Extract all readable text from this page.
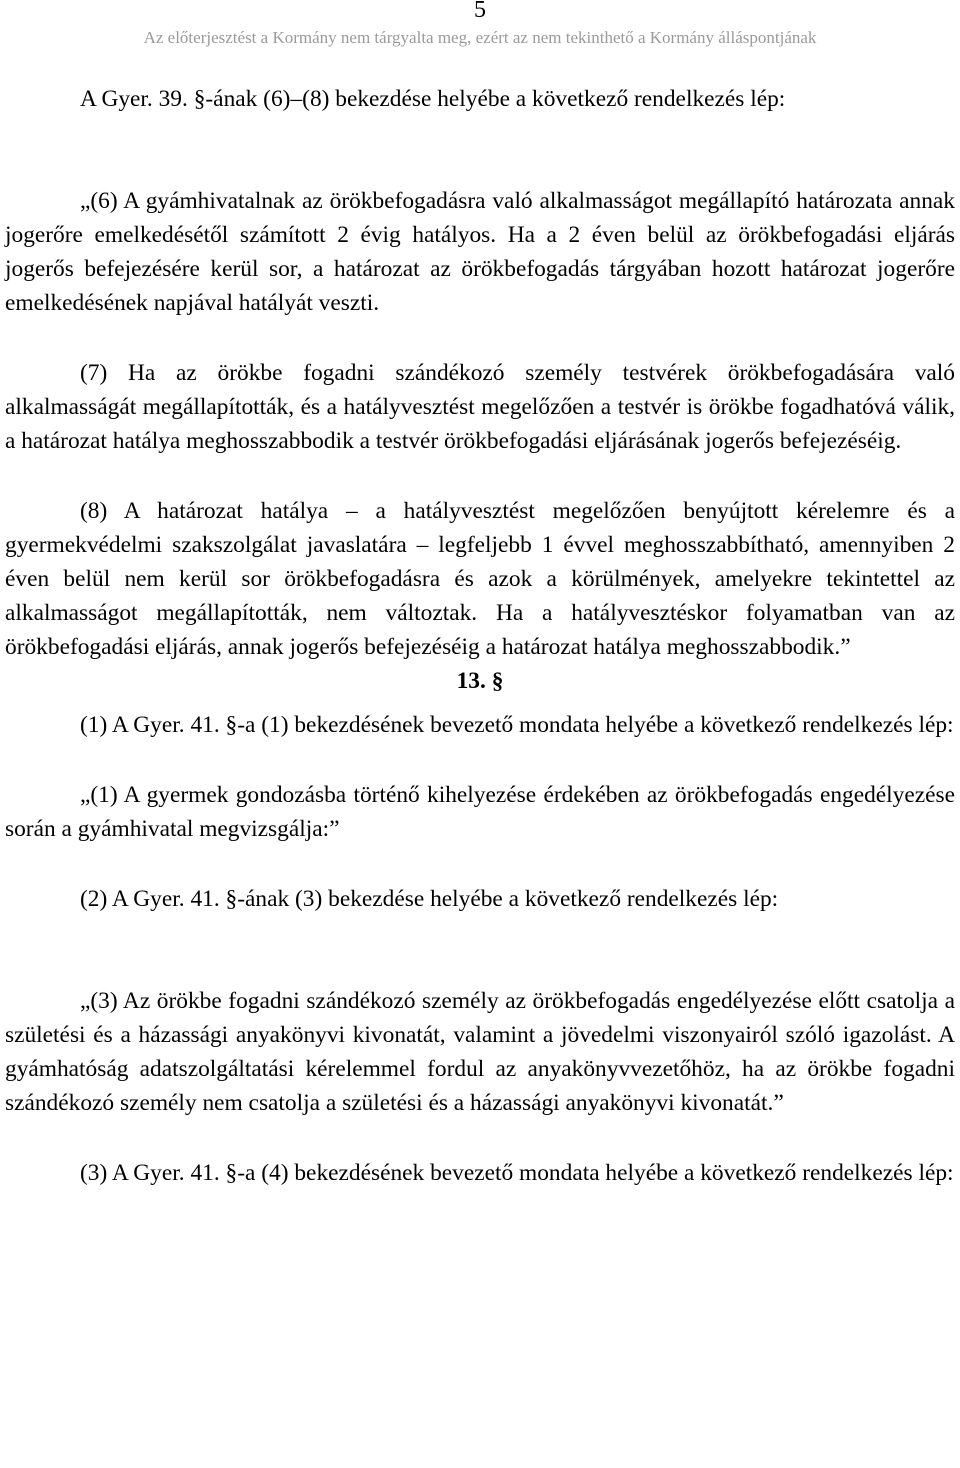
5
Az előterjesztést a Kormány nem tárgyalta meg, ezért az nem tekinthető a Kormány álláspontjának

A Gyer. 39. §-ának (6)–(8) bekezdése helyébe a következő rendelkezés lép:

„(6) A gyámhivatalnak az örökbefogadásra való alkalmasságot megállapító határozata annak jogerőre emelkedésétől számított 2 évig hatályos. Ha a 2 éven belül az örökbefogadási eljárás jogerős befejezésére kerül sor, a határozat az örökbefogadás tárgyában hozott határozat jogerőre emelkedésének napjával hatályát veszti.

(7) Ha az örökbe fogadni szándékozó személy testvérek örökbefogadására való alkalmasságát megállapították, és a hatályvesztést megelőzően a testvér is örökbe fogadhatóvá válik, a határozat hatálya meghosszabbodik a testvér örökbefogadási eljárásának jogerős befejezéséig.

(8) A határozat hatálya – a hatályvesztést megelőzően benyújtott kérelemre és a gyermekvédelmi szakszolgálat javaslatára – legfeljebb 1 évvel meghosszabbítható, amennyiben 2 éven belül nem kerül sor örökbefogadásra és azok a körülmények, amelyekre tekintettel az alkalmasságot megállapították, nem változtak. Ha a hatályvesztéskor folyamatban van az örökbefogadási eljárás, annak jogerős befejezéséig a határozat hatálya meghosszabbodik.”

13. §

(1) A Gyer. 41. §-a (1) bekezdésének bevezető mondata helyébe a következő rendelkezés lép:

„(1) A gyermek gondozásba történő kihelyezése érdekében az örökbefogadás engedélyezése során a gyámhivatal megvizsgálja:”

(2) A Gyer. 41. §-ának (3) bekezdése helyébe a következő rendelkezés lép:

„(3) Az örökbe fogadni szándékozó személy az örökbefogadás engedélyezése előtt csatolja a születési és a házassági anyakönyvi kivonatát, valamint a jövedelmi viszonyairól szóló igazolást. A gyámhatóság adatszolgáltatási kérelemmel fordul az anyakönyvvezetőhöz, ha az örökbe fogadni szándékozó személy nem csatolja a születési és a házassági anyakönyvi kivonatát.”

(3) A Gyer. 41. §-a (4) bekezdésének bevezető mondata helyébe a következő rendelkezés lép:
